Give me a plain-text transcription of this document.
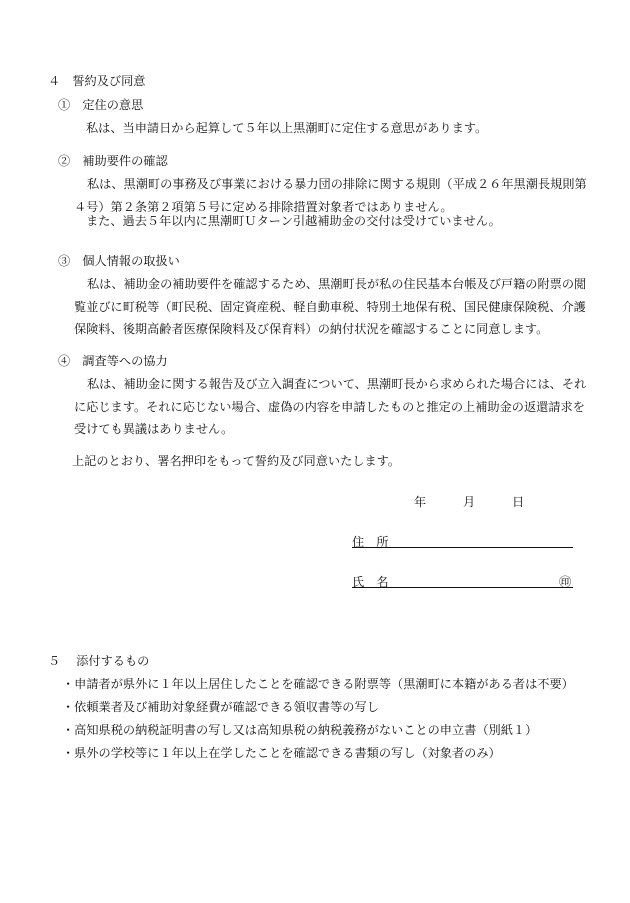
４　誓約及び同意
①　定住の意思
私は、当申請日から起算して５年以上黒潮町に定住する意思があります。
②　補助要件の確認
私は、黒潮町の事務及び事業における暴力団の排除に関する規則（平成２６年黒潮長規則第４号）第２条第２項第５号に定める排除措置対象者ではありません。
また、過去５年以内に黒潮町Ｕターン引越補助金の交付は受けていません。
③　個人情報の取扱い
私は、補助金の補助要件を確認するため、黒潮町長が私の住民基本台帳及び戸籍の附票の閲覧並びに町税等（町民税、固定資産税、軽自動車税、特別土地保有税、国民健康保険税、介護保険料、後期高齢者医療保険料及び保育料）の納付状況を確認することに同意します。
④　調査等への協力
私は、補助金に関する報告及び立入調査について、黒潮町長から求められた場合には、それに応じます。それに応じない場合、虚偽の内容を申請したものと推定の上補助金の返還請求を受けても異議はありません。
上記のとおり、署名押印をもって誓約及び同意いたします。
年	月	日
住　所
氏　名	㊞
５　 添付するもの
・申請者が県外に１年以上居住したことを確認できる附票等（黒潮町に本籍がある者は不要）
・依頼業者及び補助対象経費が確認できる領収書等の写し
・高知県税の納税証明書の写し又は高知県税の納税義務がないことの申立書（別紙１）
・県外の学校等に１年以上在学したことを確認できる書類の写し（対象者のみ）
